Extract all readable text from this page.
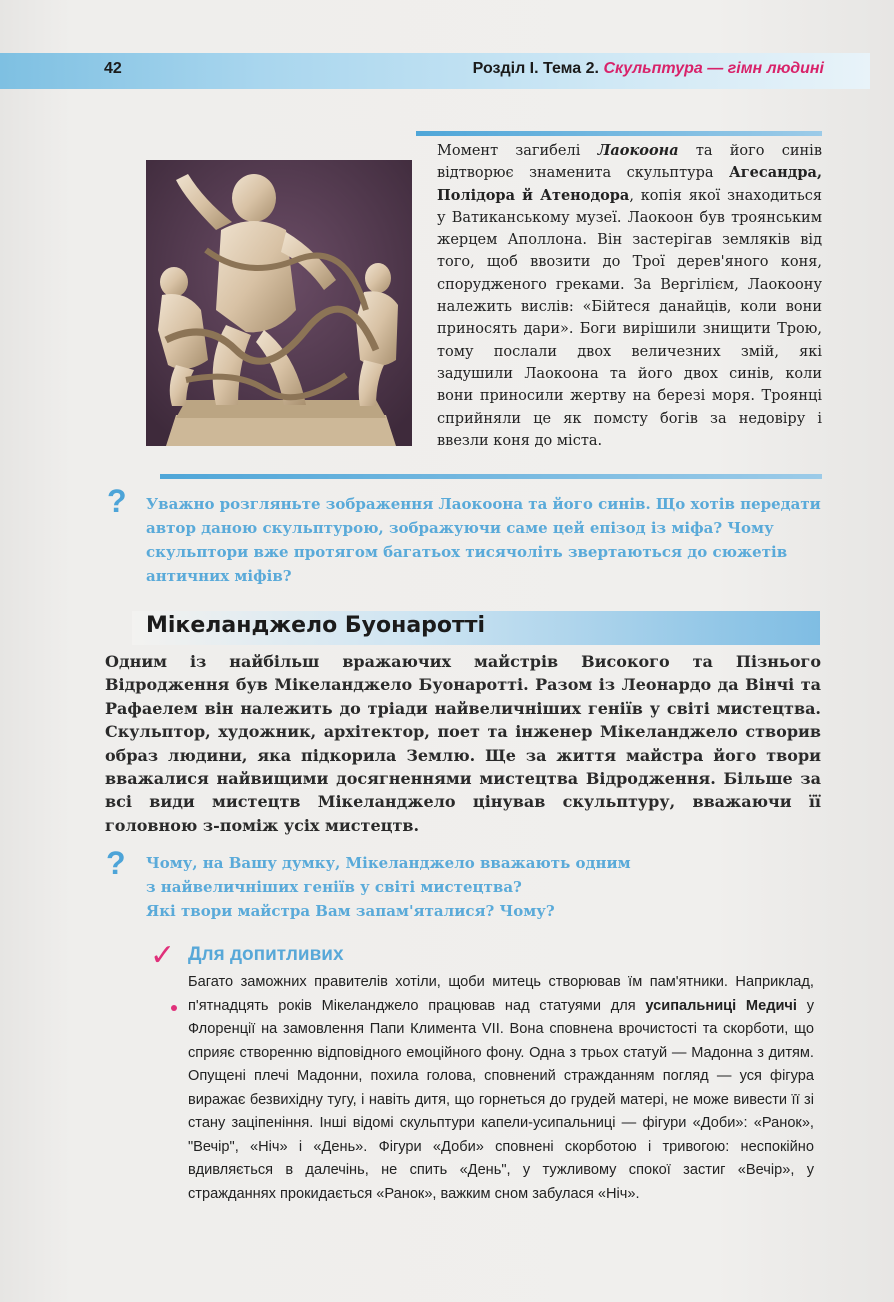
42	Розділ І. Тема 2. Скульптура — гімн людині

Момент загибелі Лаокоона та його синів відтворює знаменита скульптура Агесандра, Полідора й Атенодора, копія якої знаходиться у Ватиканському музеї. Лаокоон був троянським жерцем Аполлона. Він застерігав земляків від того, щоб ввозити до Трої дерев'яного коня, спорудженого греками. За Вергілієм, Лаокоону належить вислів: «Бійтеся данайців, коли вони приносять дари». Боги вирішили знищити Трою, тому послали двох величезних змій, які задушили Лаокоона та його двох синів, коли вони приносили жертву на березі моря. Троянці сприйняли це як помсту богів за недовіру і ввезли коня до міста.

? Уважно розгляньте зображення Лаокоона та його синів. Що хотів передати автор даною скульптурою, зображуючи саме цей епізод із міфа? Чому скульптори вже протягом багатьох тисячоліть звертаються до сюжетів античних міфів?

Мікеланджело Буонаротті

Одним із найбільш вражаючих майстрів Високого та Пізнього Відродження був Мікеланджело Буонаротті. Разом із Леонардо да Вінчі та Рафаелем він належить до тріади найвеличніших геніїв у світі мистецтва. Скульптор, художник, архітектор, поет та інженер Мікеланджело створив образ людини, яка підкорила Землю. Ще за життя майстра його твори вважалися найвищими досягненнями мистецтва Відродження. Більше за всі види мистецтв Мікеланджело цінував скульптуру, вважаючи її головною з-поміж усіх мистецтв.

? Чому, на Вашу думку, Мікеланджело вважають одним
з найвеличніших геніїв у світі мистецтва?
Які твори майстра Вам запам'яталися? Чому?
✓ Для допитливих

Багато заможних правителів хотіли, щоби митець створював їм пам'ятники. Наприклад, п'ятнадцять років Мікеланджело працював над статуями для усипальниці Медичі у Флоренції на замовлення Папи Климента VII. Вона сповнена врочистості та скорботи, що сприяє створенню відповідного емоційного фону. Одна з трьох статуй — Мадонна з дитям. Опущені плечі Мадонни, похила голова, сповнений стражданням погляд — уся фігура виражає безвихідну тугу, і навіть дитя, що горнеться до грудей матері, не може вивести її зі стану заціпеніння. Інші відомі скульптури капели-усипальниці — фігури «Доби»: «Ранок», "Вечір", «Ніч» і «День». Фігури «Доби» сповнені скорботою і тривогою: неспокійно вдивляється в далечінь, не спить «День", у тужливому спокої застиг «Вечір», у стражданнях прокидається «Ранок», важким сном забулася «Ніч».
